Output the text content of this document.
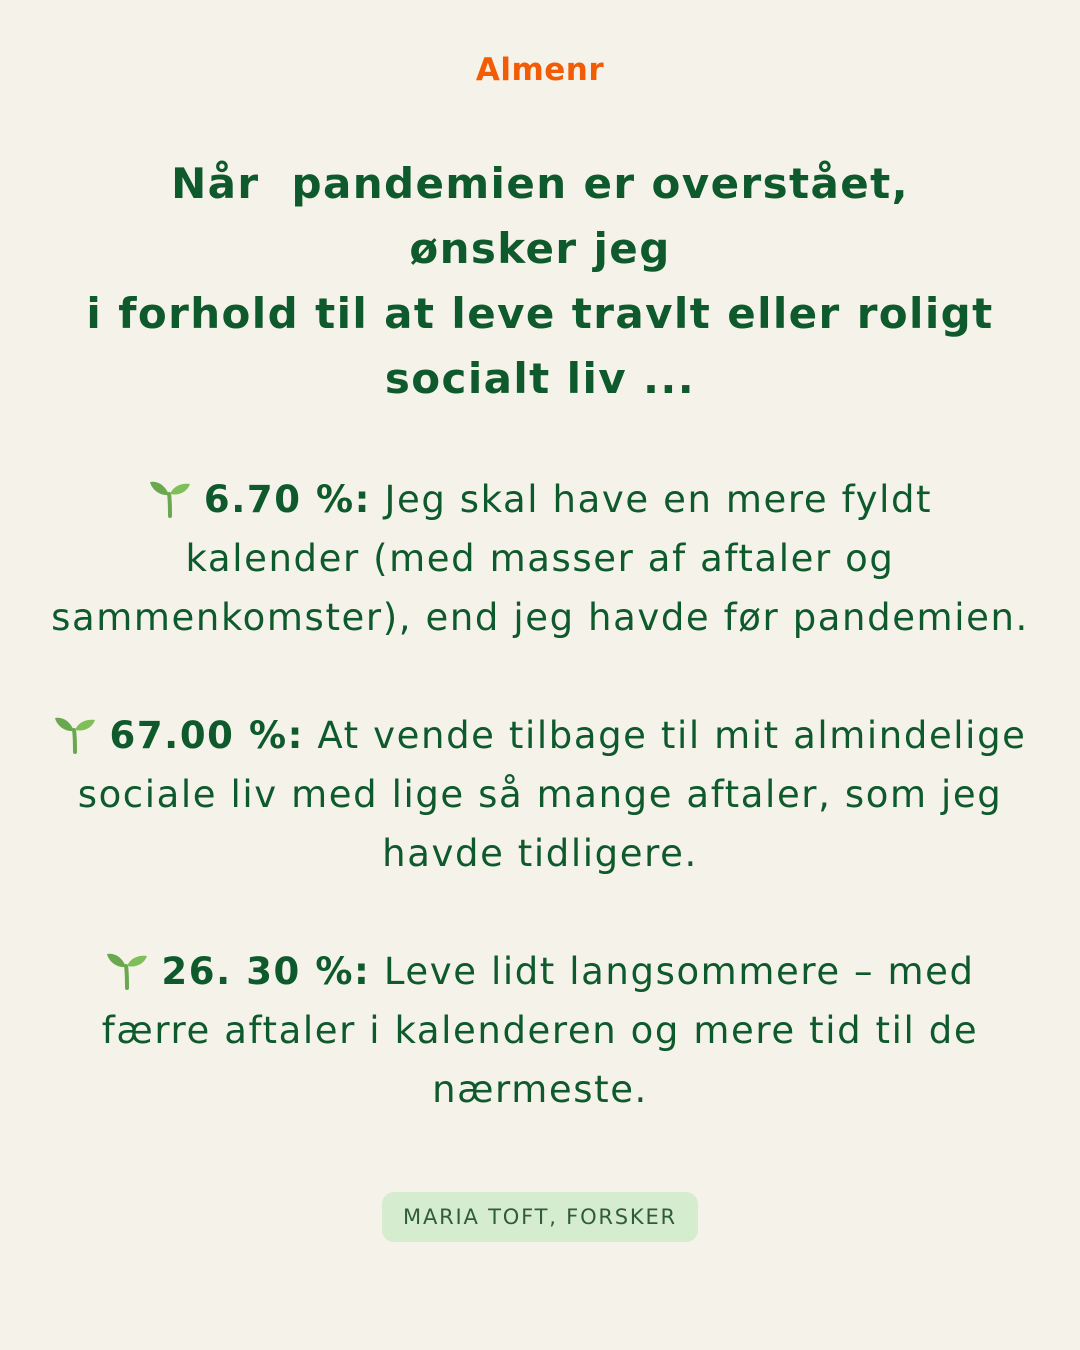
Almenr
Når  pandemien er overstået,
ønsker jeg
i forhold til at leve travlt eller roligt
socialt liv ...

6.70 %: Jeg skal have en mere fyldt
kalender (med masser af aftaler og
sammenkomster), end jeg havde før pandemien.

67.00 %: At vende tilbage til mit almindelige
sociale liv med lige så mange aftaler, som jeg
havde tidligere.

26. 30 %: Leve lidt langsommere – med
færre aftaler i kalenderen og mere tid til de
nærmeste.

MARIA TOFT, FORSKER
